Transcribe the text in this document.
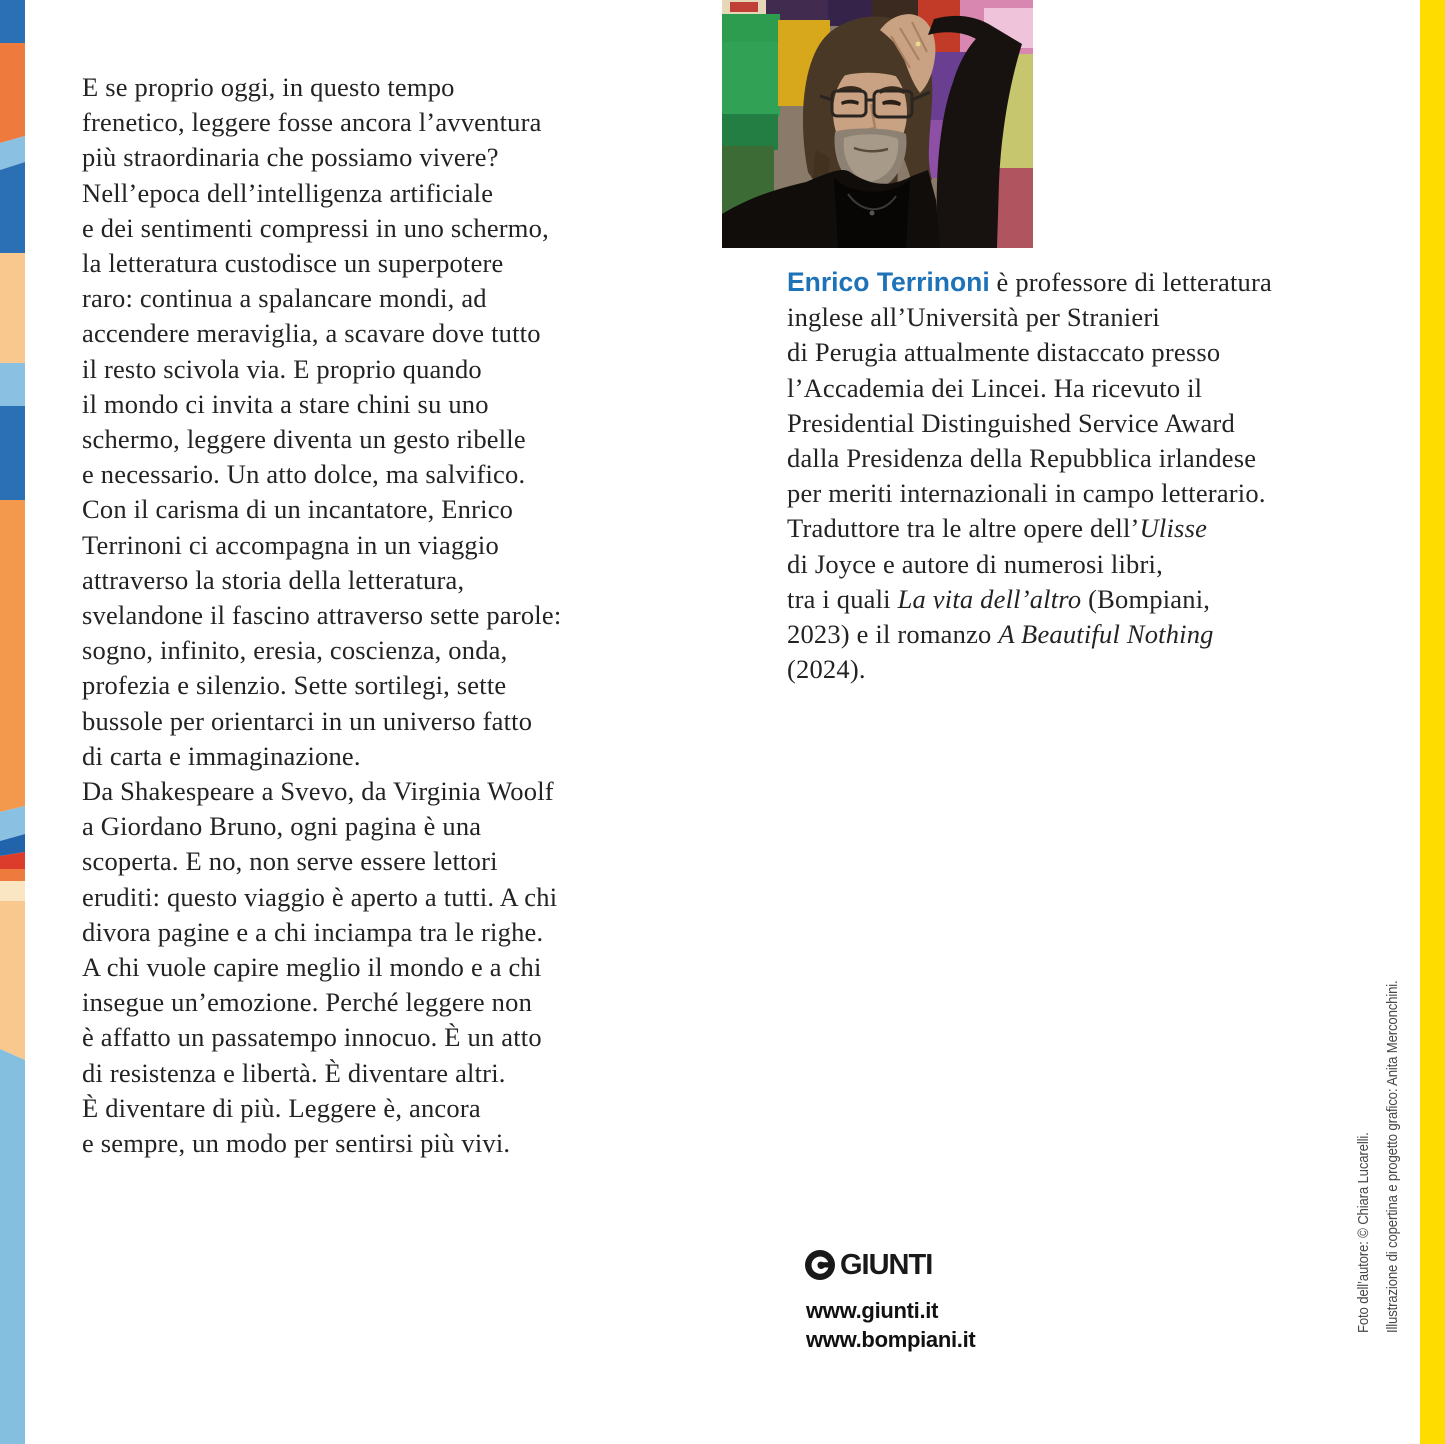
E se proprio oggi, in questo tempo
frenetico, leggere fosse ancora l’avventura
più straordinaria che possiamo vivere?
Nell’epoca dell’intelligenza artificiale
e dei sentimenti compressi in uno schermo,
la letteratura custodisce un superpotere
raro: continua a spalancare mondi, ad
accendere meraviglia, a scavare dove tutto
il resto scivola via. E proprio quando
il mondo ci invita a stare chini su uno
schermo, leggere diventa un gesto ribelle
e necessario. Un atto dolce, ma salvifico.
Con il carisma di un incantatore, Enrico
Terrinoni ci accompagna in un viaggio
attraverso la storia della letteratura,
svelandone il fascino attraverso sette parole:
sogno, infinito, eresia, coscienza, onda,
profezia e silenzio. Sette sortilegi, sette
bussole per orientarci in un universo fatto
di carta e immaginazione.
Da Shakespeare a Svevo, da Virginia Woolf
a Giordano Bruno, ogni pagina è una
scoperta. E no, non serve essere lettori
eruditi: questo viaggio è aperto a tutti. A chi
divora pagine e a chi inciampa tra le righe.
A chi vuole capire meglio il mondo e a chi
insegue un’emozione. Perché leggere non
è affatto un passatempo innocuo. È un atto
di resistenza e libertà. È diventare altri.
È diventare di più. Leggere è, ancora
e sempre, un modo per sentirsi più vivi.
Enrico Terrinoni è professore di letteratura
inglese all’Università per Stranieri
di Perugia attualmente distaccato presso
l’Accademia dei Lincei. Ha ricevuto il
Presidential Distinguished Service Award
dalla Presidenza della Repubblica irlandese
per meriti internazionali in campo letterario.
Traduttore tra le altre opere dell’Ulisse
di Joyce e autore di numerosi libri,
tra i quali La vita dell’altro (Bompiani,
2023) e il romanzo A Beautiful Nothing
(2024).
GIUNTI
www.giunti.it
www.bompiani.it
Foto dell’autore: © Chiara Lucarelli. Illustrazione di copertina e progetto grafico: Anita Merconchini.
